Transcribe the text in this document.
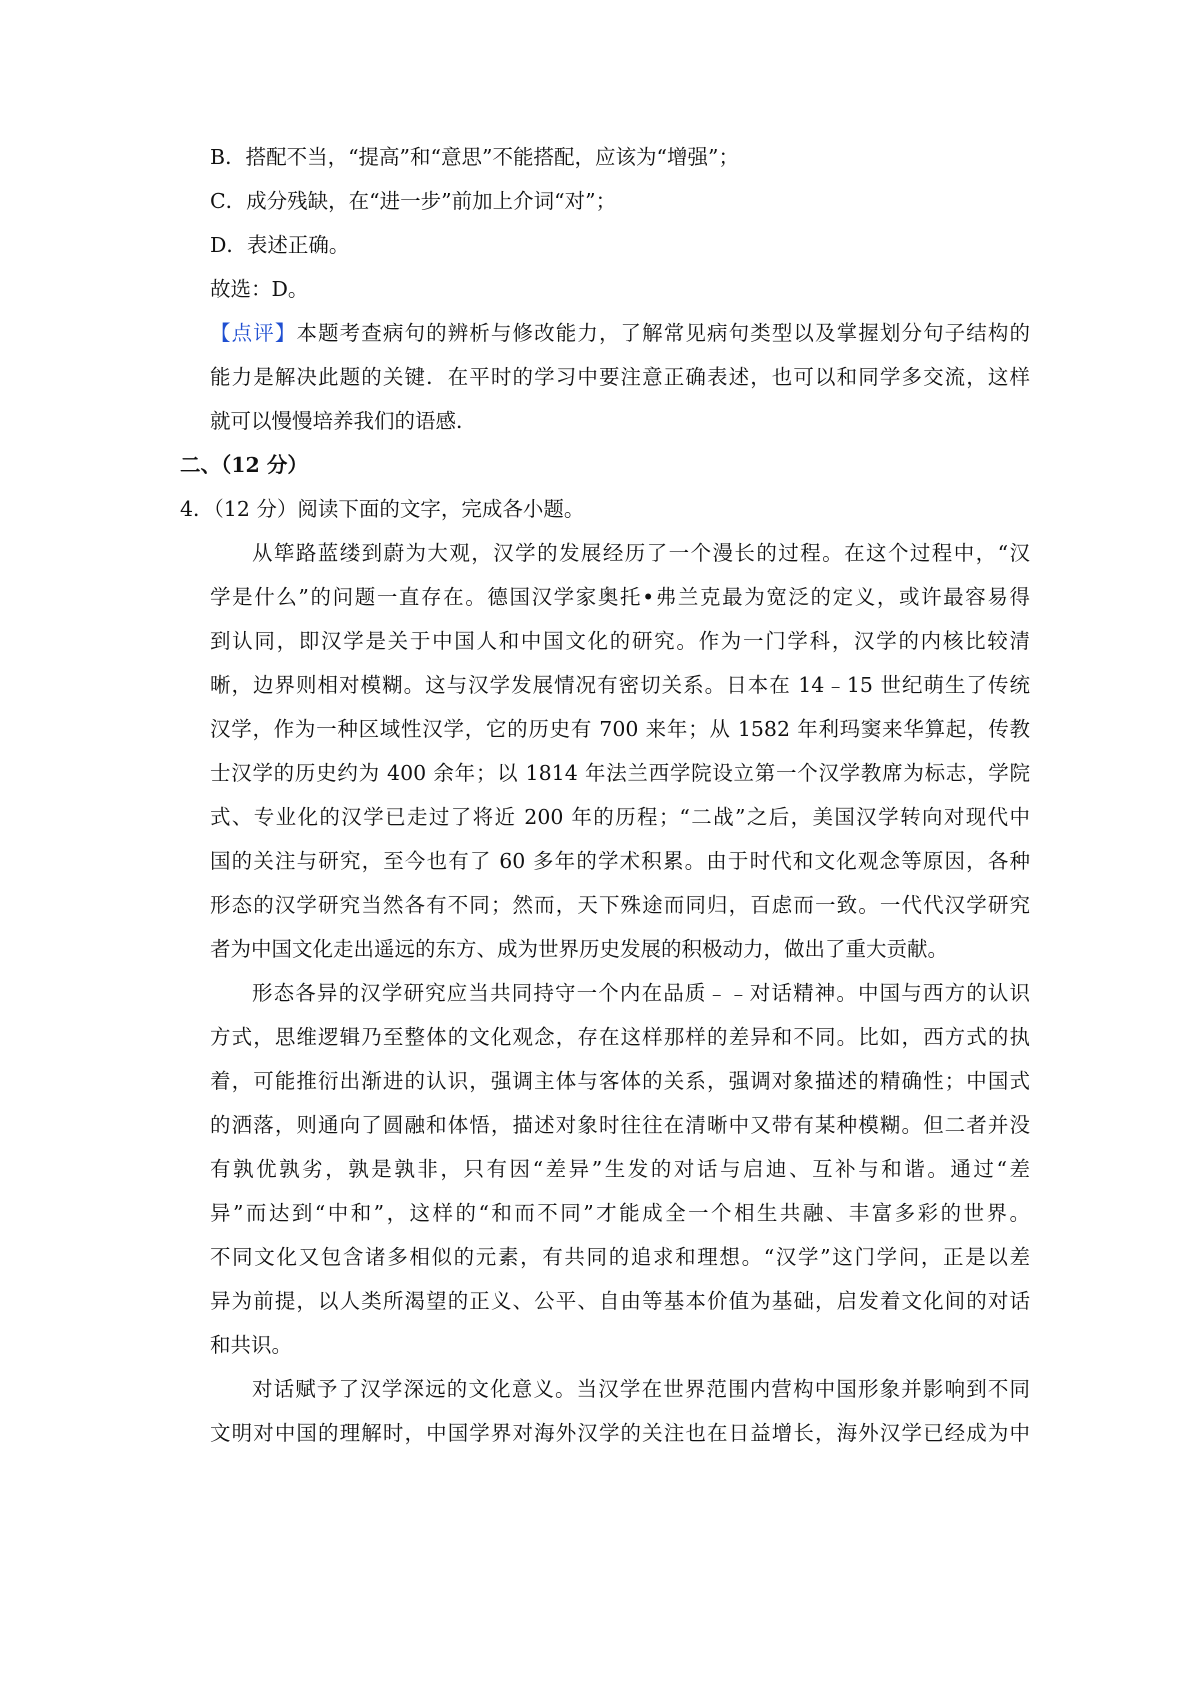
B．搭配不当，“提高”和“意思”不能搭配，应该为“增强”；
C．成分残缺，在“进一步”前加上介词“对”；
D．表述正确。
故选：D。
【点评】本题考查病句的辨析与修改能力，了解常见病句类型以及掌握划分句子结构的
能力是解决此题的关键．在平时的学习中要注意正确表述，也可以和同学多交流，这样
就可以慢慢培养我们的语感．
二、（12 分）
4．（12 分）阅读下面的文字，完成各小题。
从筚路蓝缕到蔚为大观，汉学的发展经历了一个漫长的过程。在这个过程中，“汉
学是什么”的问题一直存在。德国汉学家奥托•弗兰克最为宽泛的定义，或许最容易得
到认同，即汉学是关于中国人和中国文化的研究。作为一门学科，汉学的内核比较清
晰，边界则相对模糊。这与汉学发展情况有密切关系。日本在 14﹣15 世纪萌生了传统
汉学，作为一种区域性汉学，它的历史有 700 来年；从 1582 年利玛窦来华算起，传教
士汉学的历史约为 400 余年；以 1814 年法兰西学院设立第一个汉学教席为标志，学院
式、专业化的汉学已走过了将近 200 年的历程；“二战”之后，美国汉学转向对现代中
国的关注与研究，至今也有了 60 多年的学术积累。由于时代和文化观念等原因，各种
形态的汉学研究当然各有不同；然而，天下殊途而同归，百虑而一致。一代代汉学研究
者为中国文化走出遥远的东方、成为世界历史发展的积极动力，做出了重大贡献。
形态各异的汉学研究应当共同持守一个内在品质﹣﹣对话精神。中国与西方的认识
方式，思维逻辑乃至整体的文化观念，存在这样那样的差异和不同。比如，西方式的执
着，可能推衍出渐进的认识，强调主体与客体的关系，强调对象描述的精确性；中国式
的洒落，则通向了圆融和体悟，描述对象时往往在清晰中又带有某种模糊。但二者并没
有孰优孰劣，孰是孰非，只有因“差异”生发的对话与启迪、互补与和谐。通过“差
异”而达到“中和”，这样的“和而不同”才能成全一个相生共融、丰富多彩的世界。
不同文化又包含诸多相似的元素，有共同的追求和理想。“汉学”这门学问，正是以差
异为前提，以人类所渴望的正义、公平、自由等基本价值为基础，启发着文化间的对话
和共识。
对话赋予了汉学深远的文化意义。当汉学在世界范围内营构中国形象并影响到不同
文明对中国的理解时，中国学界对海外汉学的关注也在日益增长，海外汉学已经成为中
